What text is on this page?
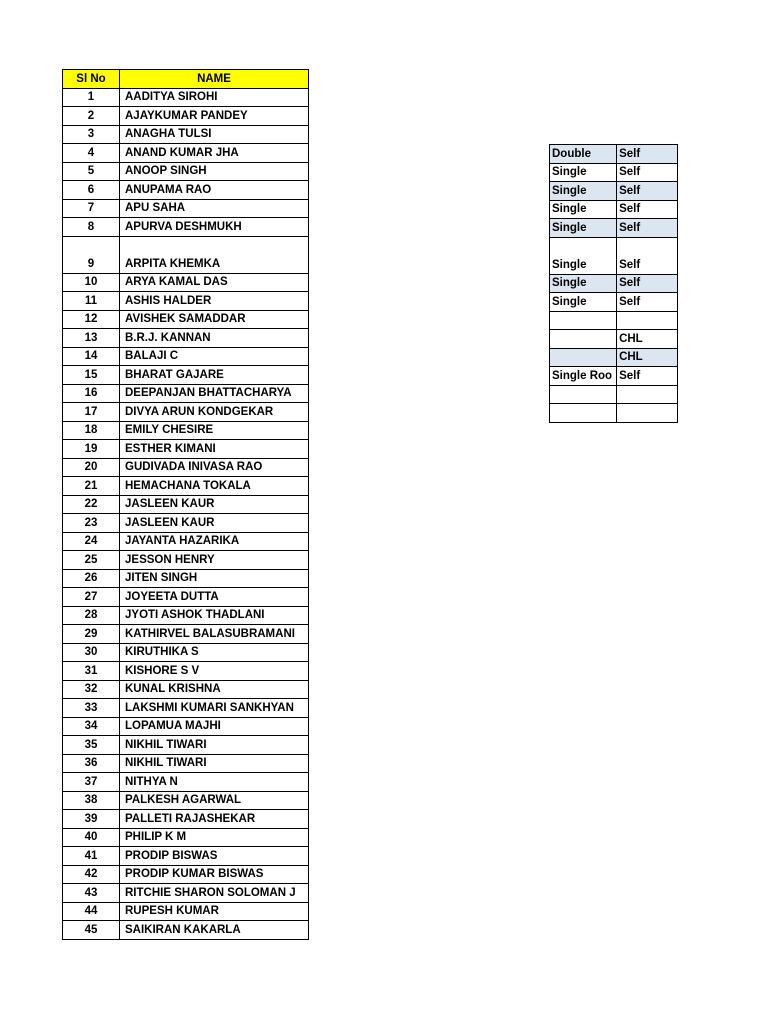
Sl No	NAME
1	AADITYA SIROHI
2	AJAYKUMAR PANDEY
3	ANAGHA TULSI
4	ANAND KUMAR JHA
5	ANOOP SINGH
6	ANUPAMA RAO
7	APU SAHA
8	APURVA DESHMUKH
9	ARPITA KHEMKA
10	ARYA KAMAL DAS
11	ASHIS HALDER
12	AVISHEK SAMADDAR
13	B.R.J. KANNAN
14	BALAJI C
15	BHARAT GAJARE
16	DEEPANJAN BHATTACHARYA
17	DIVYA ARUN KONDGEKAR
18	EMILY CHESIRE
19	ESTHER KIMANI
20	GUDIVADA INIVASA RAO
21	HEMACHANA TOKALA
22	JASLEEN KAUR
23	JASLEEN KAUR
24	JAYANTA HAZARIKA
25	JESSON HENRY
26	JITEN SINGH
27	JOYEETA DUTTA
28	JYOTI ASHOK THADLANI
29	KATHIRVEL BALASUBRAMANI
30	KIRUTHIKA S
31	KISHORE S V
32	KUNAL KRISHNA
33	LAKSHMI KUMARI SANKHYAN
34	LOPAMUA MAJHI
35	NIKHIL TIWARI
36	NIKHIL TIWARI
37	NITHYA N
38	PALKESH AGARWAL
39	PALLETI RAJASHEKAR
40	PHILIP K M
41	PRODIP BISWAS
42	PRODIP KUMAR BISWAS
43	RITCHIE SHARON SOLOMAN J
44	RUPESH KUMAR
45	SAIKIRAN KAKARLA
Double	Self
Single	Self
Single	Self
Single	Self
Single	Self
Single	Self
Single	Self
Single	Self

	CHL
	CHL
Single Roo	Self
